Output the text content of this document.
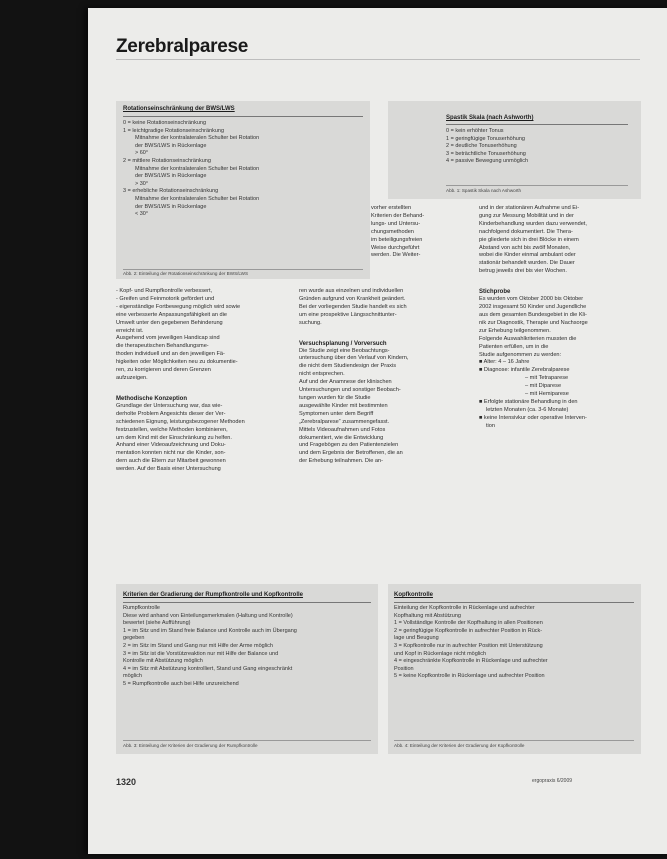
Zerebralparese
Rotationseinschränkung der BWS/LWS
0 = keine Rotationseinschränkung
1 = leichtgradige Rotationseinschränkung
Mitnahme der kontralateralen Schulter bei Rotation
der BWS/LWS in Rückenlage
> 60°
2 = mittlere Rotationseinschränkung
Mitnahme der kontralateralen Schulter bei Rotation
der BWS/LWS in Rückenlage
> 30°
3 = erhebliche Rotationseinschränkung
Mitnahme der kontralateralen Schulter bei Rotation
der BWS/LWS in Rückenlage
< 30°
Abb. 2: Einteilung der Rotationseinschränkung der BWS/LWS
Spastik Skala (nach Ashworth)
0 = kein erhöhter Tonus
1 = geringfügige Tonuserhöhung
2 = deutliche Tonuserhöhung
3 = beträchtliche Tonuserhöhung
4 = passive Bewegung unmöglich
Abb. 1: Spastik Skala nach Ashworth
vorher erstellten
Kriterien der Behand-
lungs- und Untersu-
chungsmethoden
im beteiligungsfreien
Weise durchgeführt
werden. Die Weiter-
- Kopf- und Rumpfkontrolle verbessert,
- Greifen und Feinmotorik gefördert und
- eigenständige Fortbewegung möglich wird sowie
eine verbesserte Anpassungsfähigkeit an die
Umwelt unter den gegebenen Behinderung
erreicht ist.
Ausgehend vom jeweiligen Handicap sind
die therapeutischen Behandlungsme-
thoden individuell und an den jeweiligen Fä-
higkeiten oder Möglichkeiten neu zu dokumentie-
ren, zu korrigieren und deren Grenzen
aufzuzeigen.
Methodische Konzeption
Grundlage der Untersuchung war, das wie-
derholte Problem Angesichts dieser der Ver-
schiedenen Eignung, leistungsbezogener Methoden
festzustellen, welche Methoden kombinieren,
um dem Kind mit der Einschränkung zu helfen.
Anhand einer Videoaufzeichnung und Doku-
mentation konnten nicht nur die Kinder, son-
dern auch die Eltern zur Mitarbeit gewonnen
werden. Auf der Basis einer Untersuchung
ren wurde aus einzelnen und individuellen
Gründen aufgrund von Krankheit geändert.
Bei der vorliegenden Studie handelt es sich
um eine prospektive Längsschnittunter-
suchung.
Versuchsplanung / Vorversuch
Die Studie zeigt eine Beobachtungs-
untersuchung über den Verlauf von Kindern,
die nicht dem Studiendesign der Praxis
nicht entsprechen.
Auf und der Anamnese der klinischen
Untersuchungen und sonstiger Beobach-
tungen wurden für die Studie
ausgewählte Kinder mit bestimmten
Symptomen unter dem Begriff
„Zerebralparese“ zusammengefasst.
Mittels Videoaufnahmen und Fotos
dokumentiert, wie die Entwicklung
und Fragebögen zu den Patientenzielen
und dem Ergebnis der Betroffenen, die an
der Erhebung teilnahmen. Die an-
und in der stationären Aufnahme und Ei-
gung zur Messung Mobilität und in der
Kinderbehandlung wurden dazu verwendet,
nachfolgend dokumentiert. Die Thera-
pie gliederte sich in drei Blöcke in einem
Abstand von acht bis zwölf Monaten,
wobei die Kinder einmal ambulant oder
stationär behandelt wurden. Die Dauer
betrug jeweils drei bis vier Wochen.
Stichprobe
Es wurden vom Oktober 2000 bis Oktober
2002 insgesamt 50 Kinder und Jugendliche
aus dem gesamten Bundesgebiet in die Kli-
nik zur Diagnostik, Therapie und Nachsorge
zur Erhebung teilgenommen.
Folgende Auswahlkriterien mussten die
Patienten erfüllen, um in die
Studie aufgenommen zu werden:
■ Alter: 4 – 16 Jahre
■ Diagnose: infantile Zerebralparese
– mit Tetraparese
– mit Diparese
– mit Hemiparese
■ Erfolgte stationäre Behandlung in den
letzten Monaten (ca. 3-6 Monate)
■ keine Intensivkur oder operative Interven-
tion
Kriterien der Gradierung der Rumpfkontrolle und Kopfkontrolle
Rumpfkontrolle
Diese wird anhand von Einteilungsmerkmalen (Haltung und Kontrolle)
bewertet (siehe Aufführung)
1 = im Sitz und im Stand freie Balance und Kontrolle auch im Übergang
gegeben
2 = im Sitz im Stand und Gang nur mit Hilfe der Arme möglich
3 = im Sitz ist die Vorstützreaktion nur mit Hilfe der Balance und
Kontrolle mit Abstützung möglich
4 = im Sitz mit Abstützung kontrolliert, Stand und Gang eingeschränkt
möglich
5 = Rumpfkontrolle auch bei Hilfe unzureichend
Abb. 3: Einteilung der Kriterien der Gradierung der Rumpfkontrolle
Kopfkontrolle
Einteilung der Kopfkontrolle in Rückenlage und aufrechter
Kopfhaltung mit Abstützung
1 = Vollständige Kontrolle der Kopfhaltung in allen Positionen
2 = geringfügige Kopfkontrolle in aufrechter Position in Rück-
lage und Beugung
3 = Kopfkontrolle nur in aufrechter Position mit Unterstützung
und Kopf in Rückenlage nicht möglich
4 = eingeschränkte Kopfkontrolle in Rückenlage und aufrechter
Position
5 = keine Kopfkontrolle in Rückenlage und aufrechter Position
Abb. 4: Einteilung der Kriterien der Gradierung der Kopfkontrolle
1320	ergopraxis 6/2009
